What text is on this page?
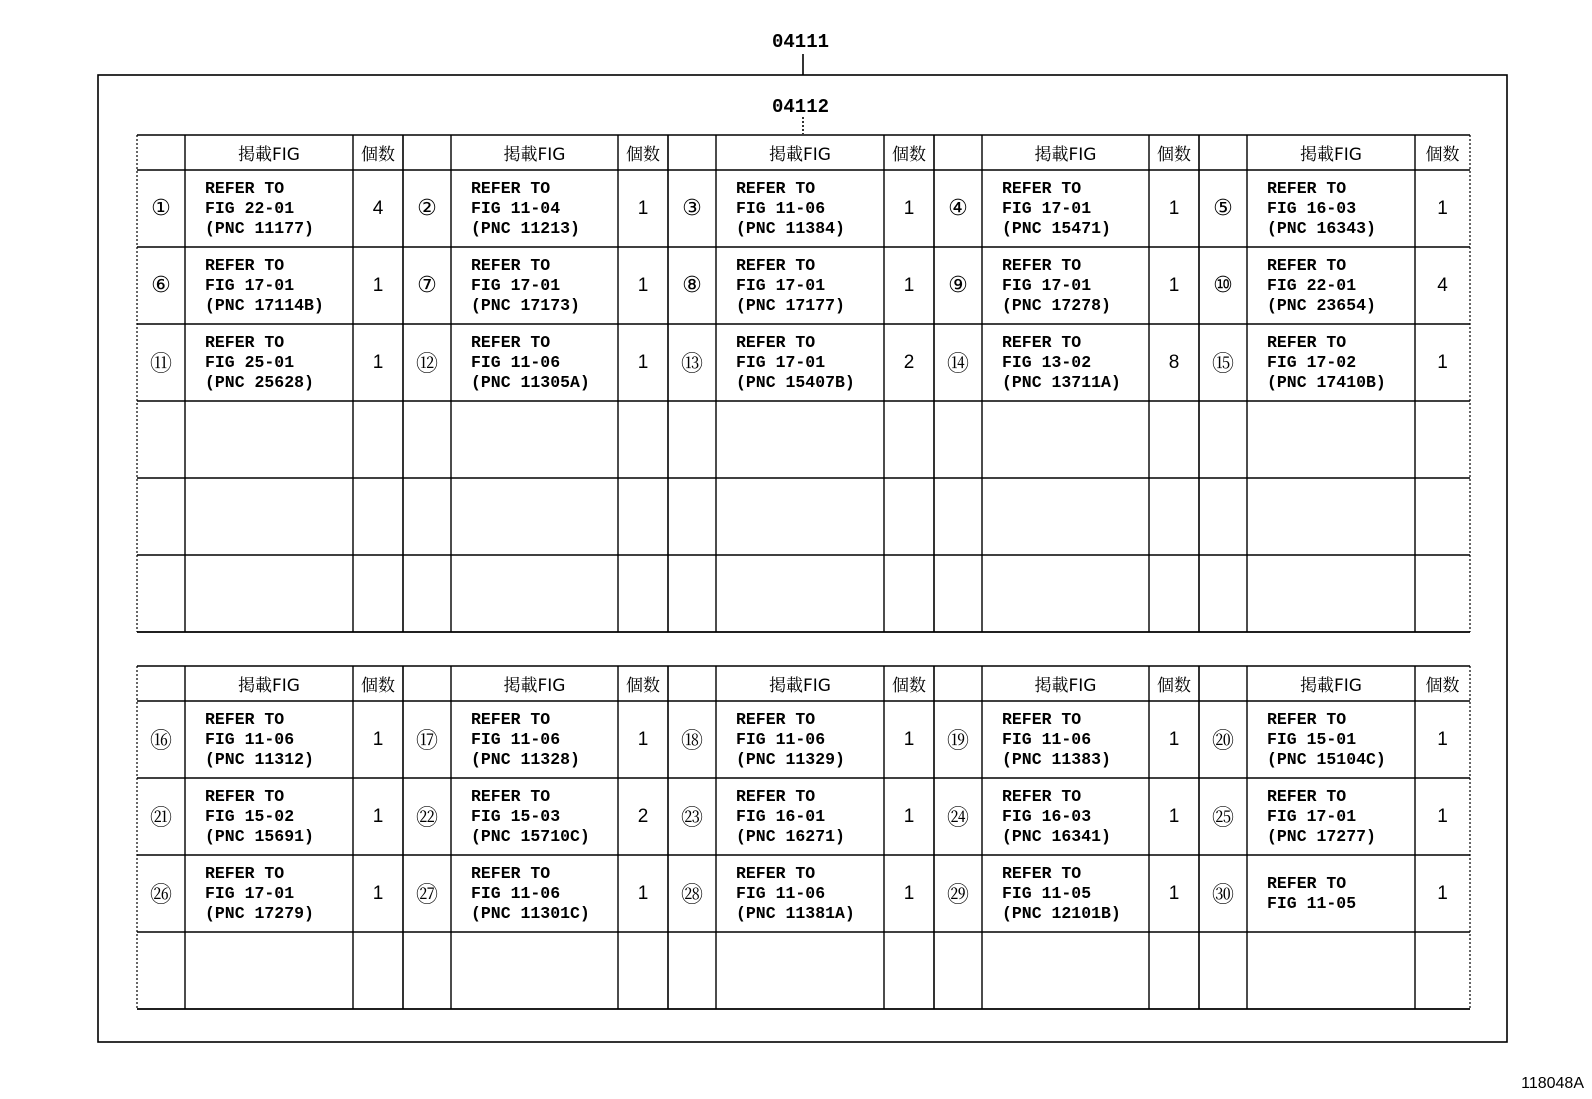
04111
04112
掲載FIG	個数	掲載FIG	個数	掲載FIG	個数	掲載FIG	個数	掲載FIG	個数
①
REFER TO
FIG 22-01
(PNC 11177)
4	②
REFER TO
FIG 11-04
(PNC 11213)
1	③
REFER TO
FIG 11-06
(PNC 11384)
1	④
REFER TO
FIG 17-01
(PNC 15471)
1	⑤
REFER TO
FIG 16-03
(PNC 16343)
1
⑥
REFER TO
FIG 17-01
(PNC 17114B)
1	⑦
REFER TO
FIG 17-01
(PNC 17173)
1	⑧
REFER TO
FIG 17-01
(PNC 17177)
1	⑨
REFER TO
FIG 17-01
(PNC 17278)
1	⑩
REFER TO
FIG 22-01
(PNC 23654)
4
⑪
REFER TO
FIG 25-01
(PNC 25628)
1	⑫
REFER TO
FIG 11-06
(PNC 11305A)
1	⑬
REFER TO
FIG 17-01
(PNC 15407B)
2	⑭
REFER TO
FIG 13-02
(PNC 13711A)
8	⑮
REFER TO
FIG 17-02
(PNC 17410B)
1
掲載FIG	個数	掲載FIG	個数	掲載FIG	個数	掲載FIG	個数	掲載FIG	個数
⑯
REFER TO
FIG 11-06
(PNC 11312)
1	⑰
REFER TO
FIG 11-06
(PNC 11328)
1	⑱
REFER TO
FIG 11-06
(PNC 11329)
1	⑲
REFER TO
FIG 11-06
(PNC 11383)
1	⑳
REFER TO
FIG 15-01
(PNC 15104C)
1
㉑
REFER TO
FIG 15-02
(PNC 15691)
1	㉒
REFER TO
FIG 15-03
(PNC 15710C)
2	㉓
REFER TO
FIG 16-01
(PNC 16271)
1	㉔
REFER TO
FIG 16-03
(PNC 16341)
1	㉕
REFER TO
FIG 17-01
(PNC 17277)
1
㉖
REFER TO
FIG 17-01
(PNC 17279)
1	㉗
REFER TO
FIG 11-06
(PNC 11301C)
1	㉘
REFER TO
FIG 11-06
(PNC 11381A)
1	㉙
REFER TO
FIG 11-05
(PNC 12101B)
1	㉚	REFER TO
FIG 11-05	1
118048A
